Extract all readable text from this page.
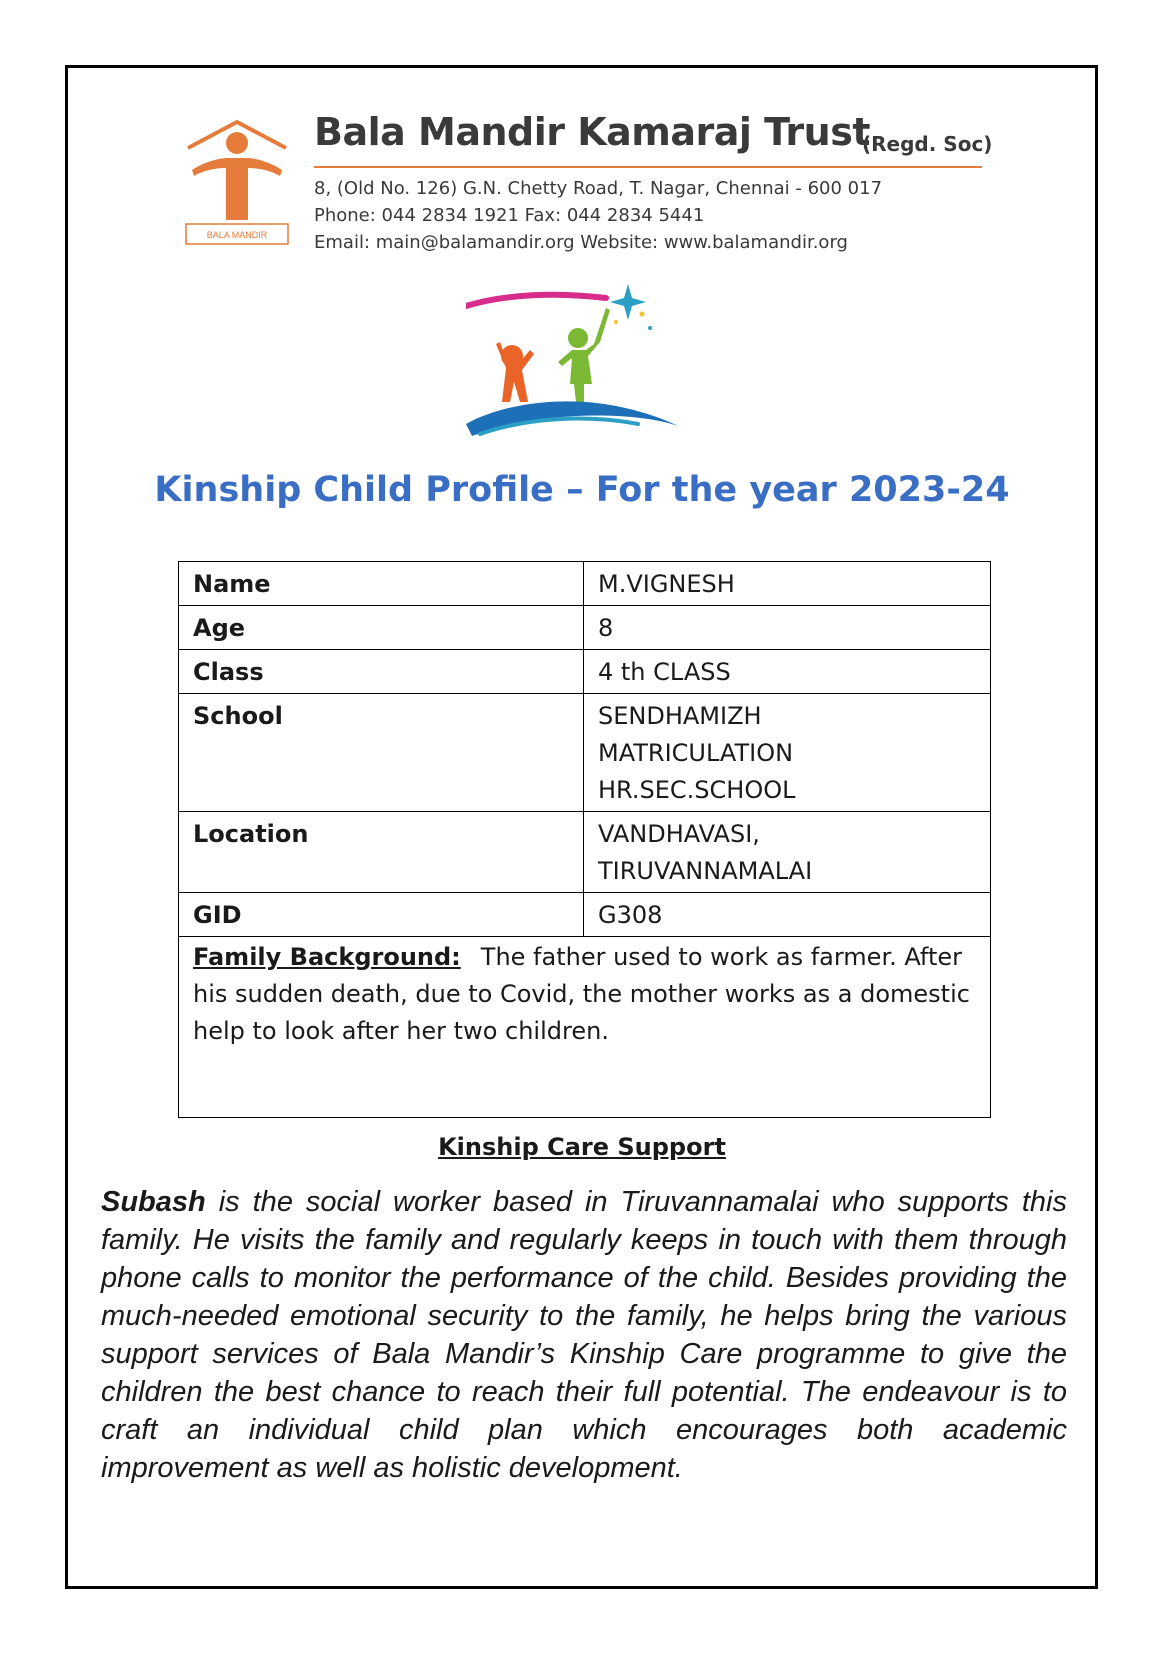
BALA MANDIR
Bala Mandir Kamaraj Trust
(Regd. Soc)
8, (Old No. 126) G.N. Chetty Road, T. Nagar, Chennai - 600 017
Phone: 044 2834 1921 Fax: 044 2834 5441
Email: main@balamandir.org Website: www.balamandir.org
Kinship Child Profile – For the year 2023-24
Name	M.VIGNESH
Age	8
Class	4 th CLASS
School	SENDHAMIZH MATRICULATION HR.SEC.SCHOOL
Location	VANDHAVASI, TIRUVANNAMALAI
GID	G308
Family Background: The father used to work as farmer. After his sudden death, due to Covid, the mother works as a domestic help to look after her two children.	
Kinship Care Support
Subash is the social worker based in Tiruvannamalai who supports this family. He visits the family and regularly keeps in touch with them through phone calls to monitor the performance of the child. Besides providing the much-needed emotional security to the family, he helps bring the various support services of Bala Mandir’s Kinship Care programme to give the children the best chance to reach their full potential. The endeavour is to craft an individual child plan which encourages both academic improvement as well as holistic development.
